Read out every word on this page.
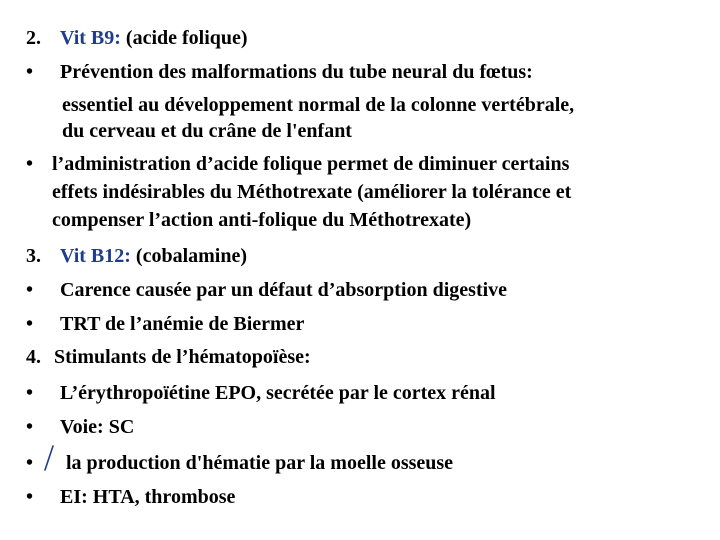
2. Vit B9: (acide folique)
• Prévention des malformations du tube neural du fœtus:
essentiel au développement normal de la colonne vertébrale,
du cerveau et du crâne de l'enfant
• l’administration d’acide folique permet de diminuer certains
effets indésirables du Méthotrexate (améliorer la tolérance et
compenser l’action anti-folique du Méthotrexate)
3. Vit B12: (cobalamine)
• Carence causée par un défaut d’absorption digestive
• TRT de l’anémie de Biermer
4. Stimulants de l’hématopoïèse:
• L’érythropoïétine EPO, secrétée par le cortex rénal
• Voie: SC
• la production d'hématie par la moelle osseuse
• EI: HTA, thrombose
